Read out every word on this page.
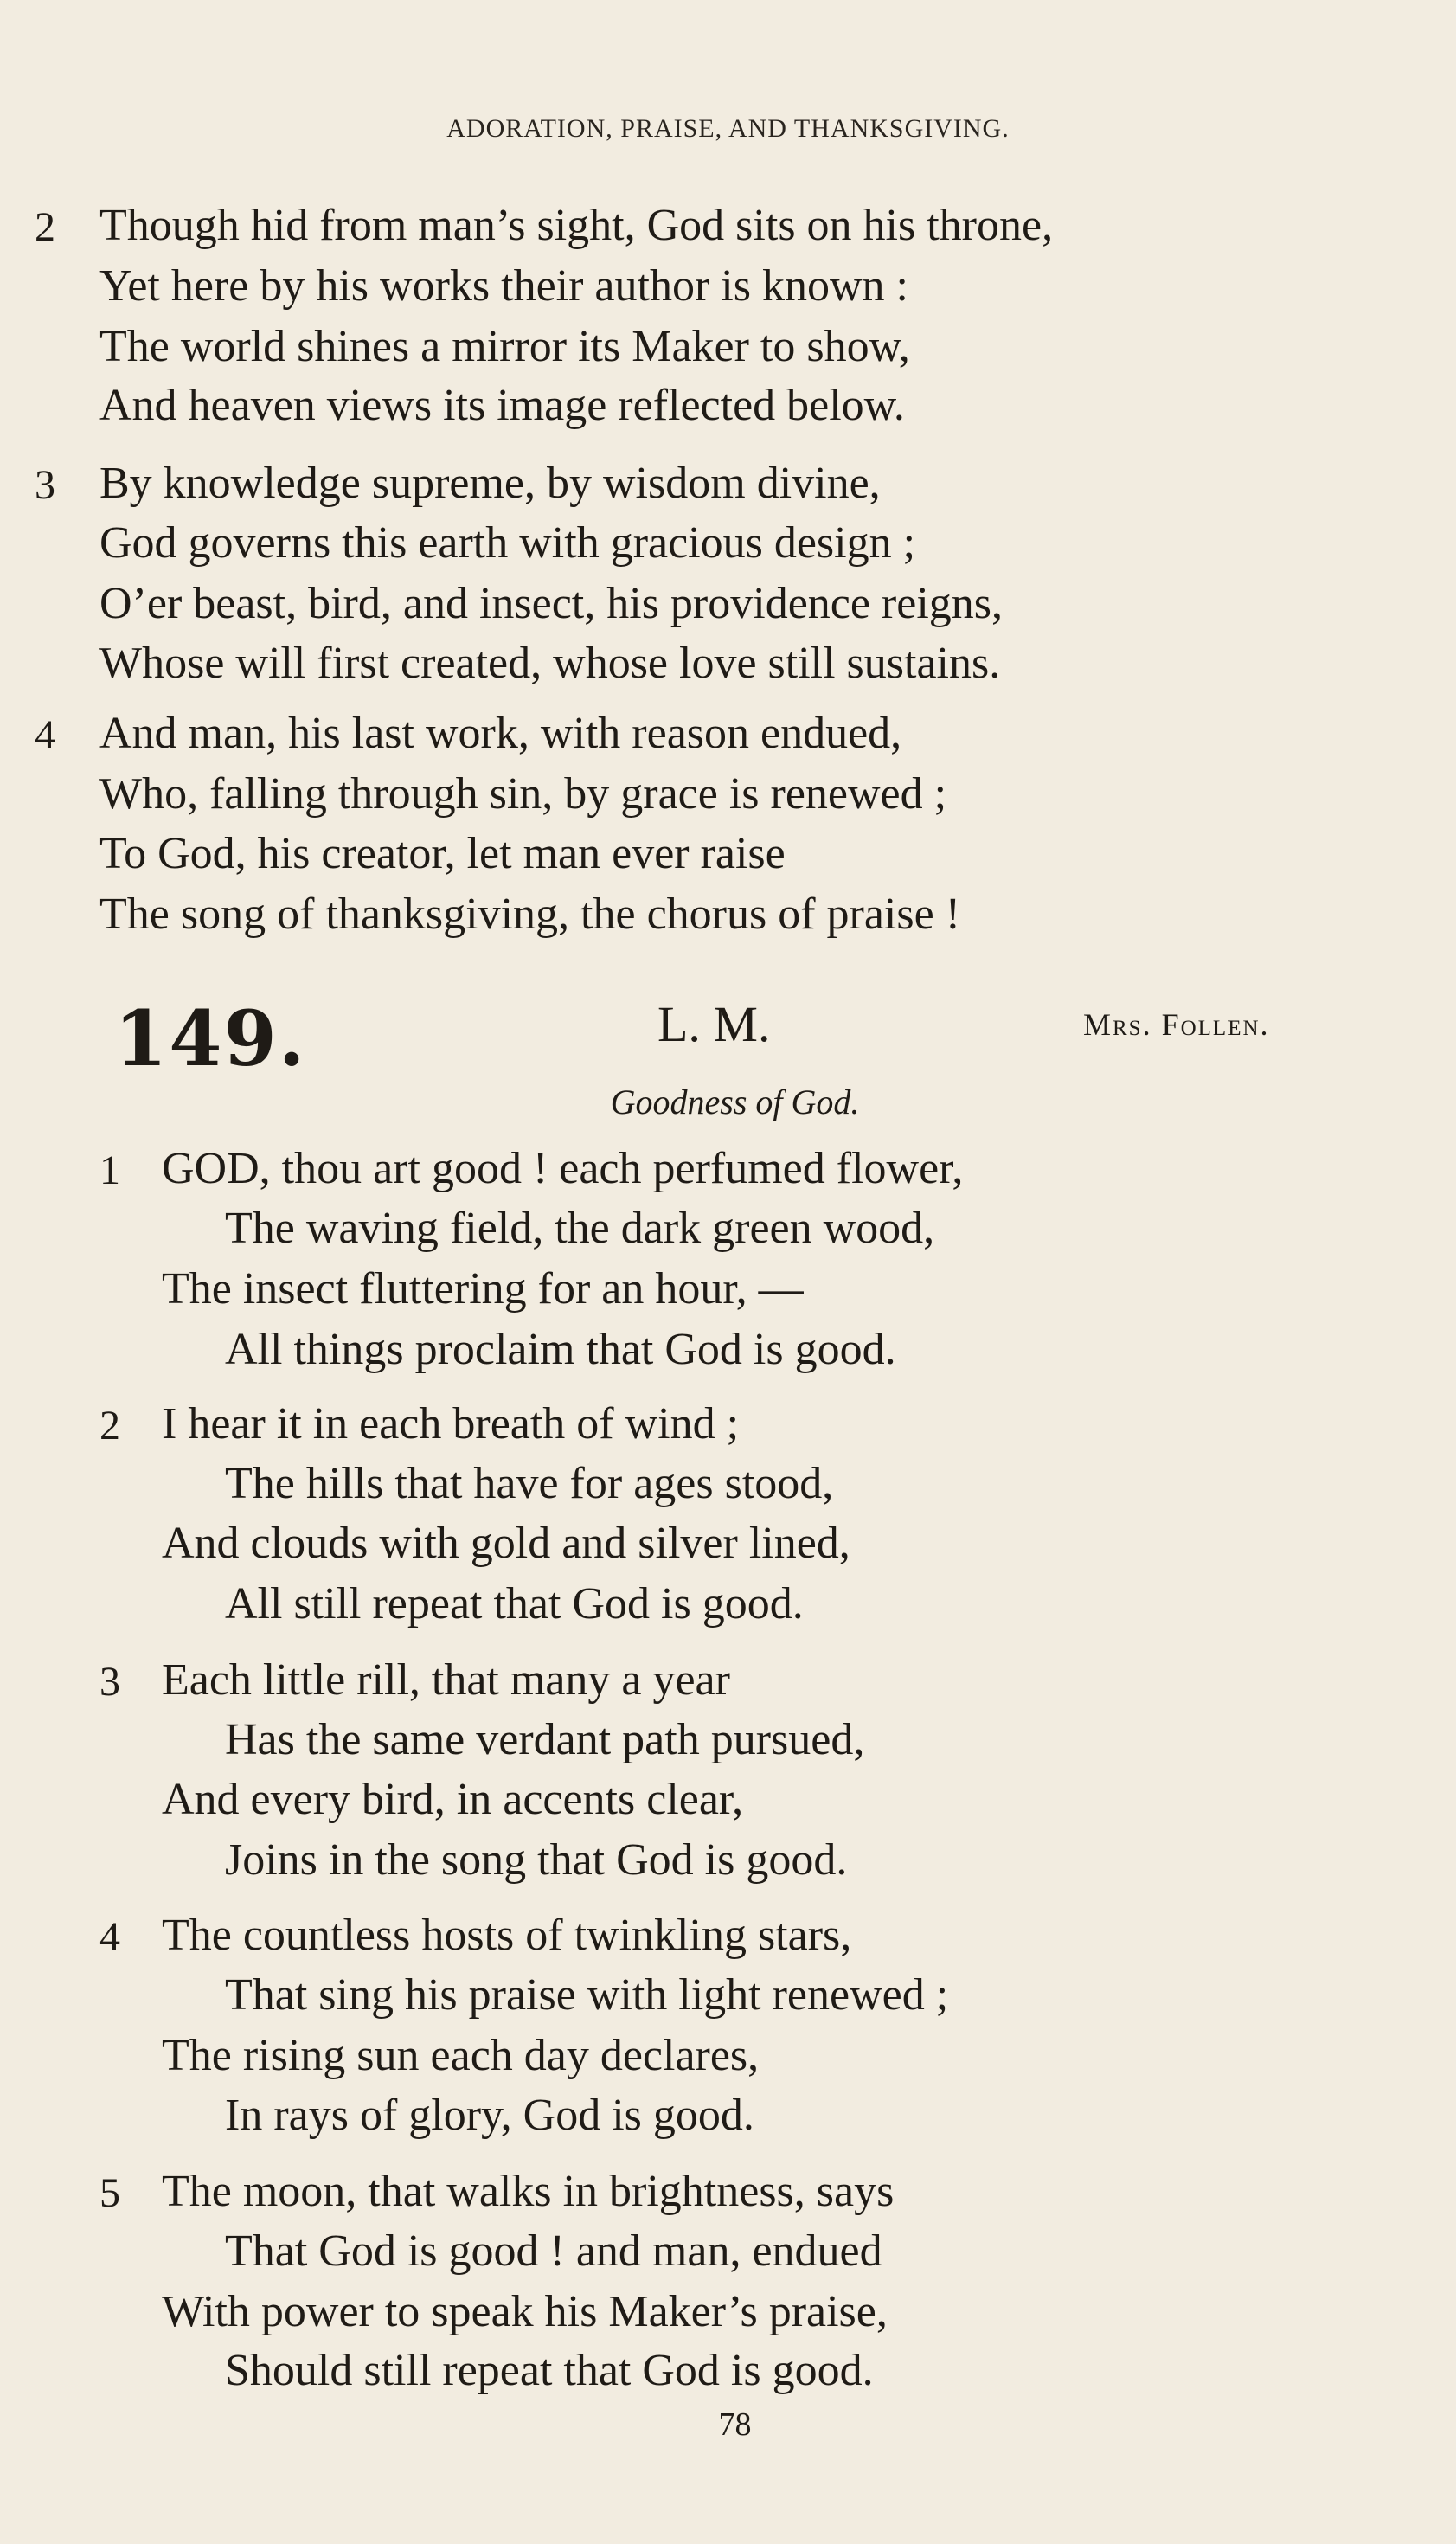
ADORATION, PRAISE, AND THANKSGIVING.
2 Though hid from man’s sight, God sits on his throne,
Yet here by his works their author is known :
The world shines a mirror its Maker to show,
And heaven views its image reflected below.
3 By knowledge supreme, by wisdom divine,
God governs this earth with gracious design ;
O’er beast, bird, and insect, his providence reigns,
Whose will first created, whose love still sustains.
4 And man, his last work, with reason endued,
Who, falling through sin, by grace is renewed ;
To God, his creator, let man ever raise
The song of thanksgiving, the chorus of praise !
149.	L. M.	Mrs. Follen.
Goodness of God.
1 GOD, thou art good ! each perfumed flower,
The waving field, the dark green wood,
The insect fluttering for an hour, —
All things proclaim that God is good.
2 I hear it in each breath of wind ;
The hills that have for ages stood,
And clouds with gold and silver lined,
All still repeat that God is good.
3 Each little rill, that many a year
Has the same verdant path pursued,
And every bird, in accents clear,
Joins in the song that God is good.
4 The countless hosts of twinkling stars,
That sing his praise with light renewed ;
The rising sun each day declares,
In rays of glory, God is good.
5 The moon, that walks in brightness, says
That God is good ! and man, endued
With power to speak his Maker’s praise,
Should still repeat that God is good.
78
